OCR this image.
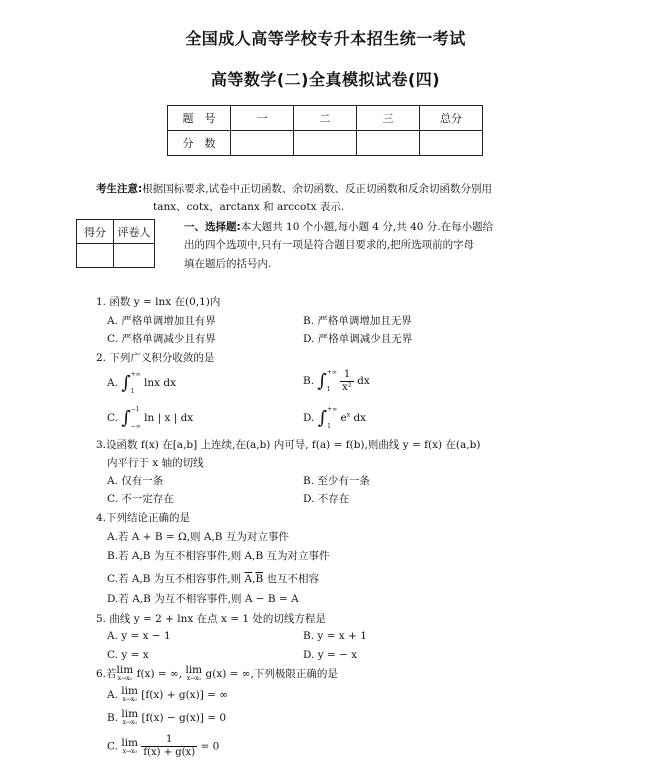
全国成人高等学校专升本招生统一考试
高等数学(二)全真模拟试卷(四)
题　号	一	二	三	总分
分　数				
考生注意:根据国标要求,试卷中正切函数、余切函数、反正切函数和反余切函数分别用
tanx、cotx、arctanx 和 arccotx 表示.
得分	评卷人
		一、选择题:本大题共 10 个小题,每小题 4 分,共 40 分.在每小题给
出的四个选项中,只有一项是符合题目要求的,把所选项前的字母
填在题后的括号内.
1. 函数 y = lnx 在(0,1)内
A. 严格单调增加且有界	B. 严格单调增加且无界
C. 严格单调减少且有界	D. 严格单调减少且无界
2. 下列广义积分收敛的是
A. ∫ +∞
1
lnx dx	B. ∫ +∞
1
$\frac{1}{\text{x²}}$ dx
C. ∫ −1
−∞
ln | x | dx	D. ∫ +∞
1
$e^x$ dx
3.设函数 f(x) 在[a,b] 上连续,在(a,b) 内可导, f(a) = f(b),则曲线 y = f(x) 在(a,b)
内平行于 x 轴的切线
A. 仅有一条	B. 至少有一条
C. 不一定存在	D. 不存在
4.下列结论正确的是
A.若 A + B = Ω,则 A,B 互为对立事件
B.若 A,B 为互不相容事件,则 A,B 互为对立事件
C.若 A,B 为互不相容事件,则 $\overline{A},\overline{B}$ 也互不相容
D.若 A,B 为互不相容事件,则 A − B = A
5. 曲线 y = 2 + lnx 在点 x = 1 处的切线方程是
A. y = x − 1	B. y = x + 1
C. y = x	D. y = − x
6.若lim
x→x₀ f(x) = ∞, lim
x→x₀ g(x) = ∞,下列极限正确的是
A. lim
x→x₀ [f(x) + g(x)] = ∞
B. lim
x→x₀ [f(x) − g(x)] = 0
C. lim
x→x₀
$\frac{1}{f(x) + g(x)} = 0$
